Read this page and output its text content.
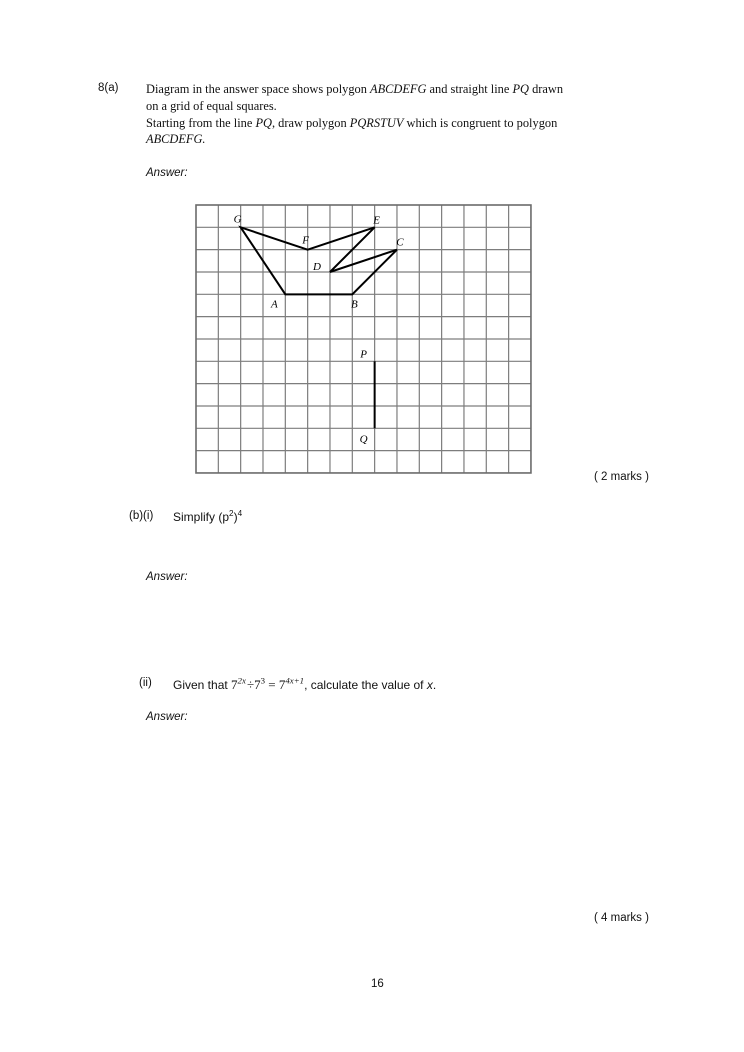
8(a) Diagram in the answer space shows polygon ABCDEFG and straight line PQ drawn
on a grid of equal squares.
Starting from the line PQ, draw polygon PQRSTUV which is congruent to polygon
ABCDEFG.
Answer:
A	B
C
D
E
F
G
P
Q
( 2 marks )
(b)(i) Simplify $(p^2)^4$
Answer:
(ii) Given that $7^{2x}$ $\div 7^3 = 7^{4x+1}$, calculate the value of x.
Answer:
( 4 marks )
16
